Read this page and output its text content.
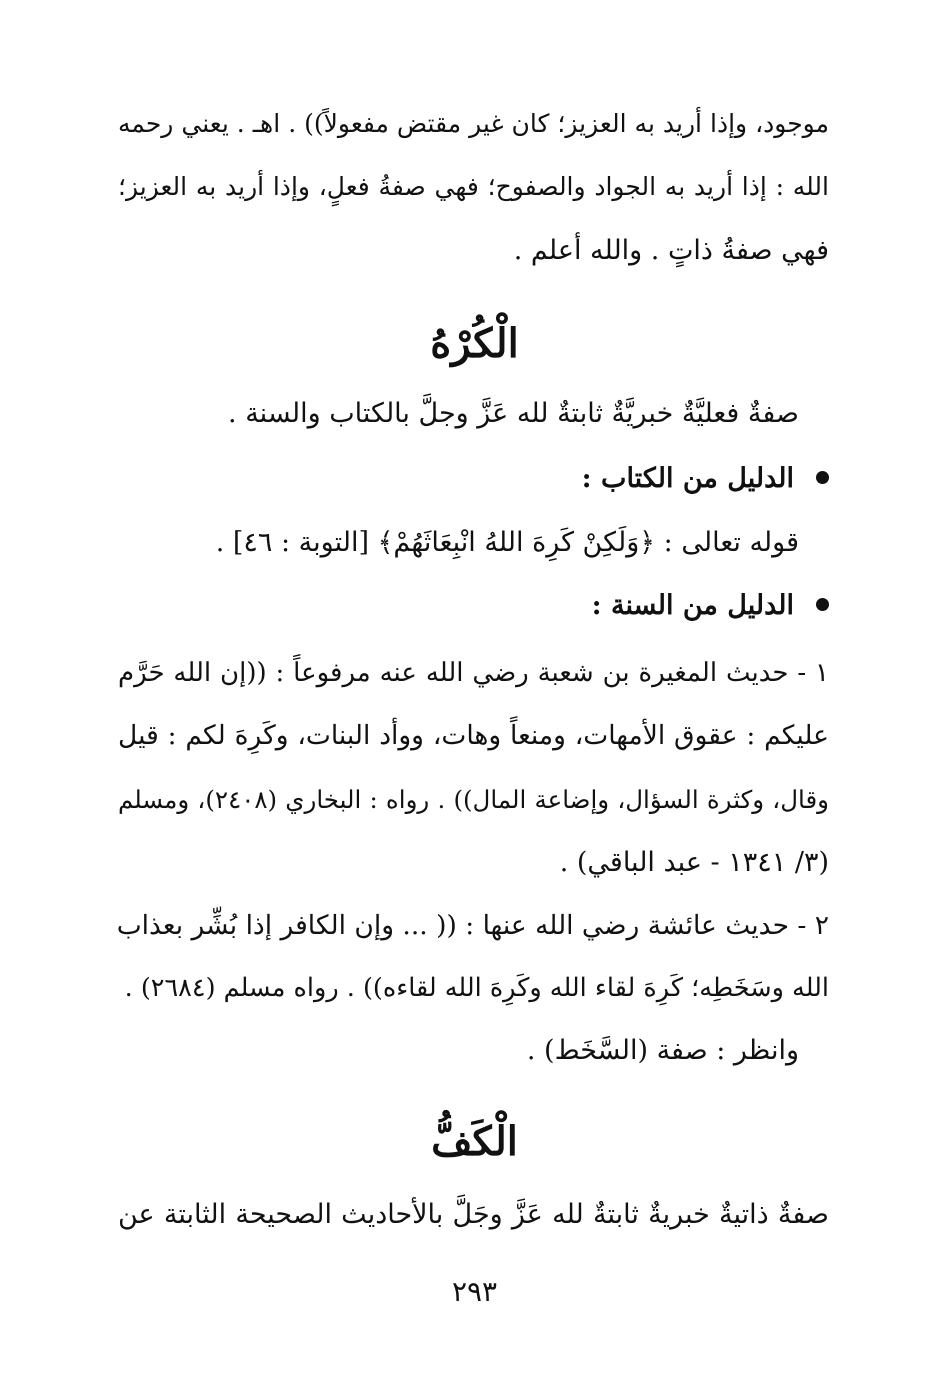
موجود، وإذا أريد به العزيز؛ كان غير مقتض مفعولاً)) . اهـ . يعني رحمه
الله : إذا أريد به الجواد والصفوح؛ فهي صفةُ فعلٍ، وإذا أريد به العزيز؛
فهي صفةُ ذاتٍ . والله أعلم .
الْكُرْهُ
صفةٌ فعليَّةٌ خبريَّةٌ ثابتةٌ لله عَزَّ وجلَّ بالكتاب والسنة .
الدليل من الكتاب :
قوله تعالى : ﴿وَلَكِنْ كَرِهَ اللهُ انْبِعَاثَهُمْ﴾ [التوبة : ٤٦] .
الدليل من السنة :
١ - حديث المغيرة بن شعبة رضي الله عنه مرفوعاً : ((إن الله حَرَّم
عليكم : عقوق الأمهات، ومنعاً وهات، ووأد البنات، وكَرِهَ لكم : قيل
وقال، وكثرة السؤال، وإضاعة المال)) . رواه : البخاري (٢٤٠٨)، ومسلم
(٣/ ١٣٤١ - عبد الباقي) .
٢ - حديث عائشة رضي الله عنها : (( ... وإن الكافر إذا بُشِّر بعذاب
الله وسَخَطِه؛ كَرِهَ لقاء الله وكَرِهَ الله لقاءه)) . رواه مسلم (٢٦٨٤) .
وانظر : صفة (السَّخَط) .
الْكَفُّ
صفةٌ ذاتيةٌ خبريةٌ ثابتةٌ لله عَزَّ وجَلَّ بالأحاديث الصحيحة الثابتة عن
٢٩٣
